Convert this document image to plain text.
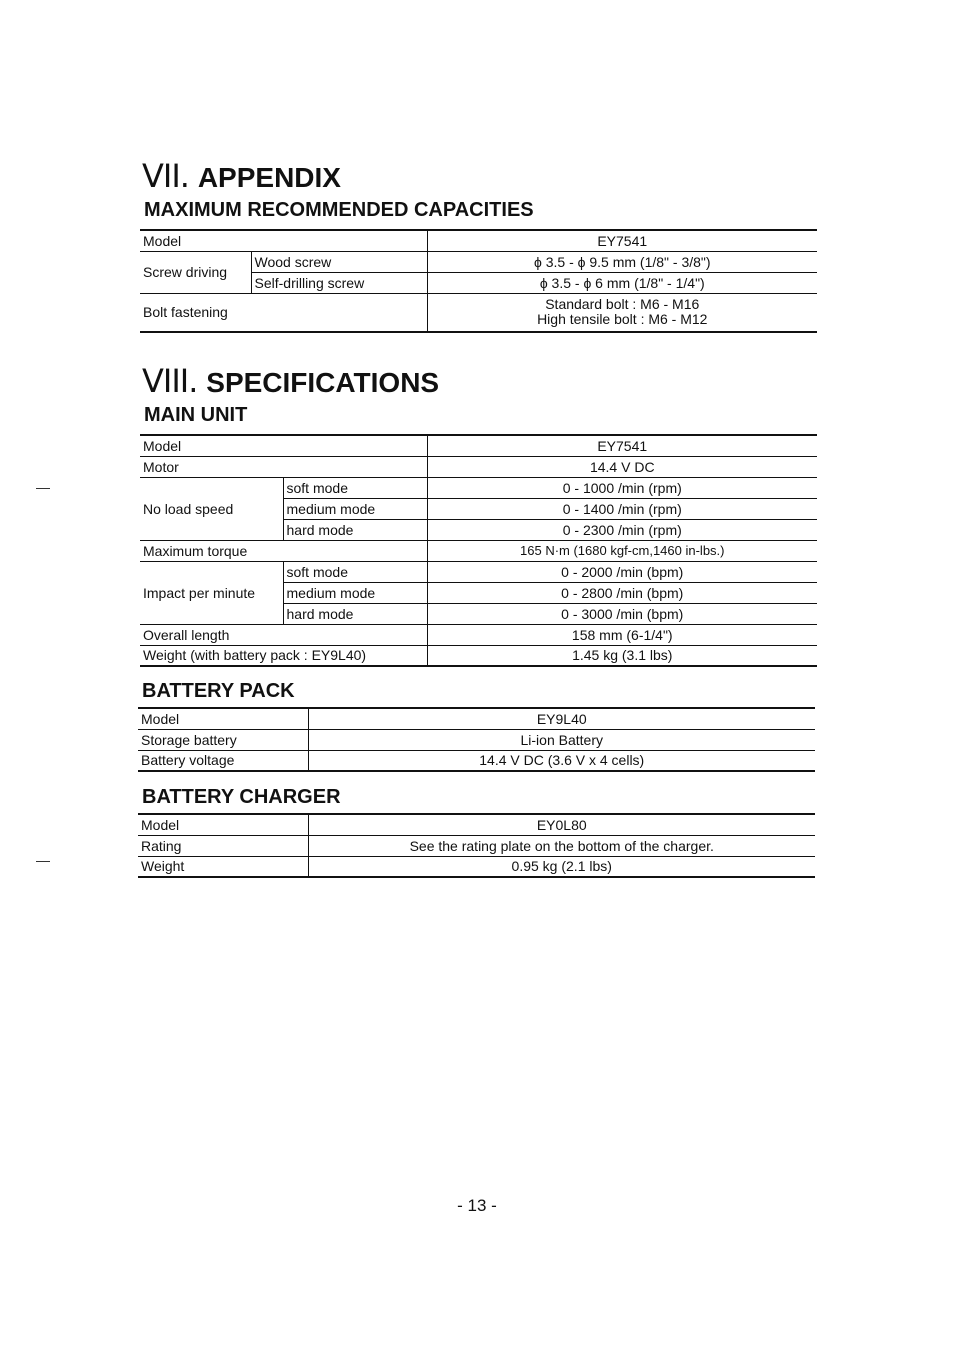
VII. APPENDIX
MAXIMUM RECOMMENDED CAPACITIES
Model		EY7541
Screw driving	Wood screw	ϕ 3.5 - ϕ 9.5 mm (1/8" - 3/8")
	Self-drilling screw	ϕ 3.5 - ϕ 6 mm (1/8" - 1/4")
Bolt fastening		Standard bolt : M6 - M16
High tensile bolt : M6 - M12
VIII. SPECIFICATIONS
MAIN UNIT
Model		EY7541
Motor		14.4 V DC
No load speed	soft mode	0 - 1000 /min (rpm)
	medium mode	0 - 1400 /min (rpm)
	hard mode	0 - 2300 /min (rpm)
Maximum torque		165 N·m (1680 kgf-cm,1460 in-lbs.)
Impact per minute	soft mode	0 - 2000 /min (bpm)
	medium mode	0 - 2800 /min (bpm)
	hard mode	0 - 3000 /min (bpm)
Overall length		158 mm (6-1/4")
Weight (with battery pack : EY9L40)		1.45 kg (3.1 lbs)
BATTERY PACK
Model	EY9L40
Storage battery	Li-ion Battery
Battery voltage	14.4 V DC (3.6 V x 4 cells)
BATTERY CHARGER
Model	EY0L80
Rating	See the rating plate on the bottom of the charger.
Weight	0.95 kg (2.1 lbs)
- 13 -
